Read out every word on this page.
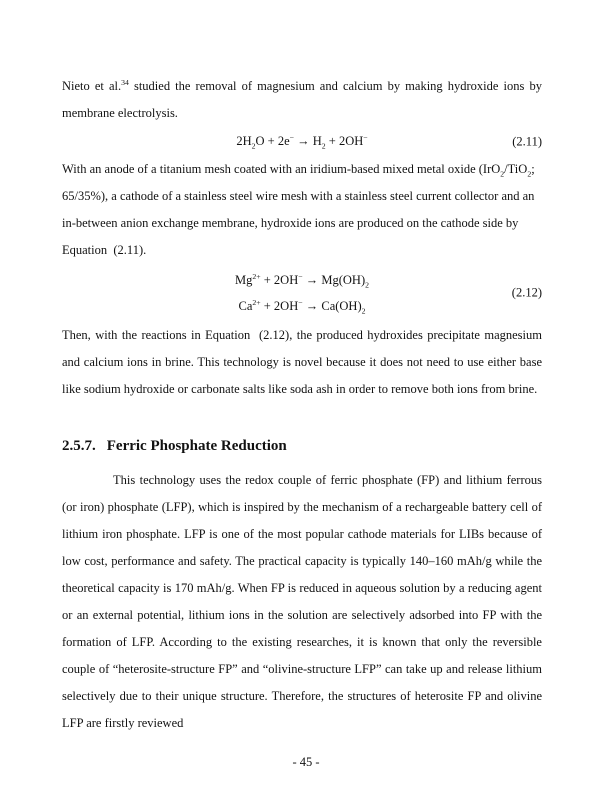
Nieto et al.$^{34}$ studied the removal of magnesium and calcium by making hydroxide ions by membrane electrolysis.

$2H_2O + 2e^- \to H_2 + 2OH^-$	(2.11)

With an anode of a titanium mesh coated with an iridium-based mixed metal oxide (IrO$_2$/TiO$_2$; 65/35%), a cathode of a stainless steel wire mesh with a stainless steel current collector and an in-between anion exchange membrane, hydroxide ions are produced on the cathode side by Equation  (2.11).

$Mg^{2+} + 2OH^- \to Mg(OH)_2$
$Ca^{2+} + 2OH^- \to Ca(OH)_2$
(2.12)

Then, with the reactions in Equation  (2.12), the produced hydroxides precipitate magnesium and calcium ions in brine. This technology is novel because it does not need to use either base like sodium hydroxide or carbonate salts like soda ash in order to remove both ions from brine.

2.5.7. Ferric Phosphate Reduction

This technology uses the redox couple of ferric phosphate (FP) and lithium ferrous (or iron) phosphate (LFP), which is inspired by the mechanism of a rechargeable battery cell of lithium iron phosphate. LFP is one of the most popular cathode materials for LIBs because of low cost, performance and safety. The practical capacity is typically 140–160 mAh/g while the theoretical capacity is 170 mAh/g. When FP is reduced in aqueous solution by a reducing agent or an external potential, lithium ions in the solution are selectively adsorbed into FP with the formation of LFP. According to the existing researches, it is known that only the reversible couple of “heterosite-structure FP” and “olivine-structure LFP” can take up and release lithium selectively due to their unique structure. Therefore, the structures of heterosite FP and olivine LFP are firstly reviewed

- 45 -
